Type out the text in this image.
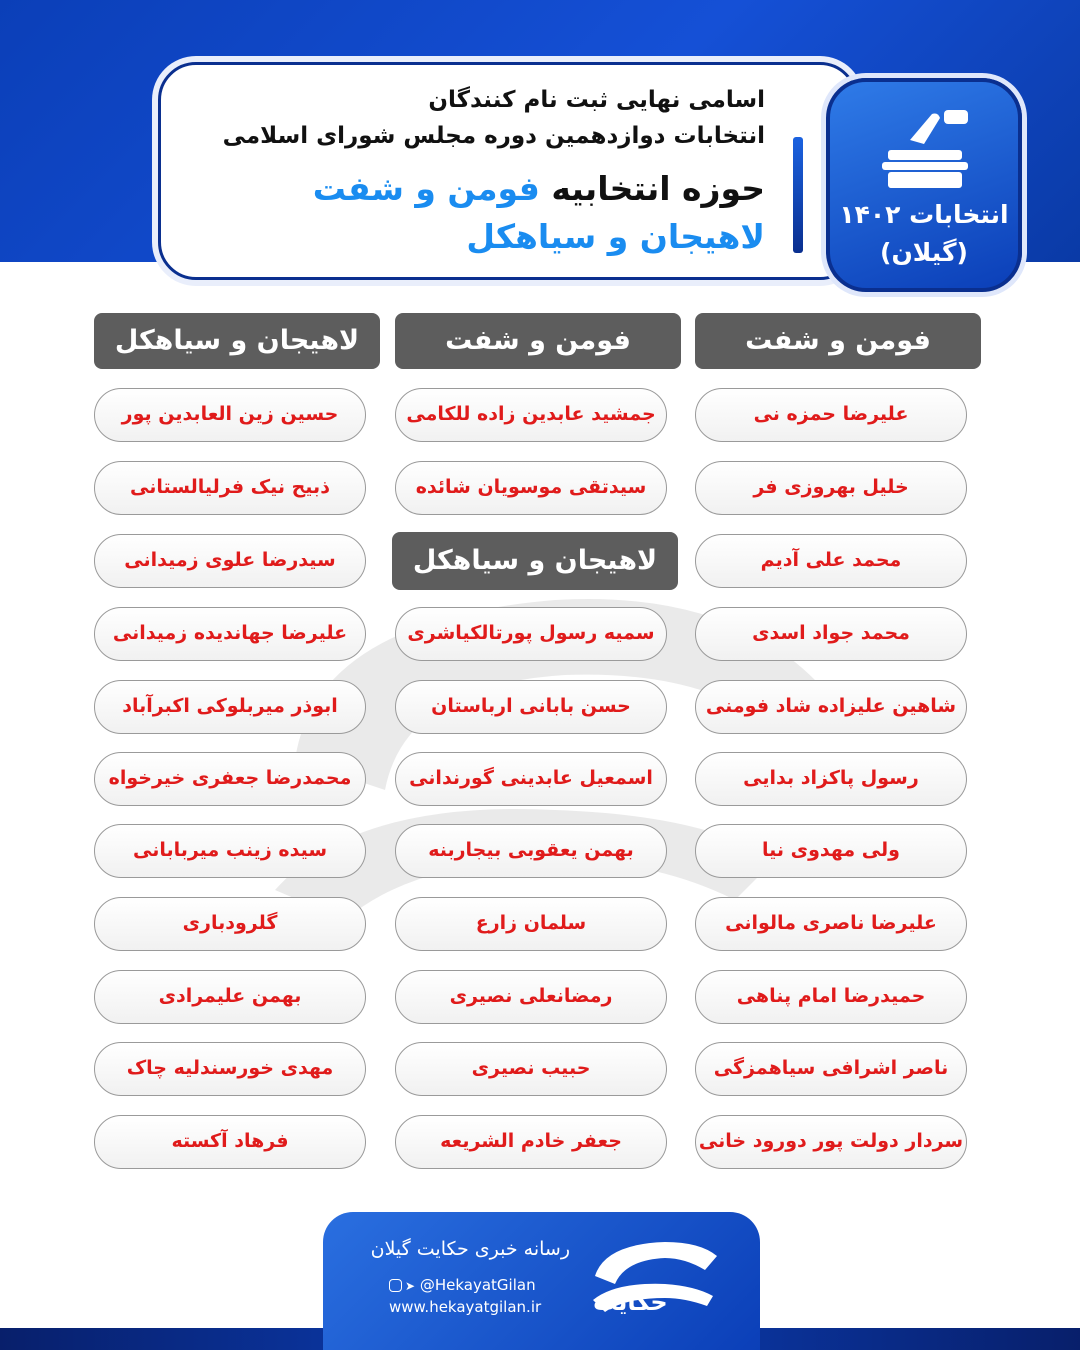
اسامی نهایی ثبت نام کنندگان
انتخابات دوازدهمین دوره مجلس شورای اسلامی
حوزه انتخابیه فومن و شفت
لاهیجان و سیاهکل
انتخابات ۱۴۰۲
(گیلان)
فومن و شفت
فومن و شفت
لاهیجان و سیاهکل
لاهیجان و سیاهکل
علیرضا حمزه نی
خلیل بهروزی فر
محمد علی آدیم
محمد جواد اسدی
شاهین علیزاده شاد فومنی
رسول پاکزاد بدایی
ولی مهدوی نیا
علیرضا ناصری مالوانی
حمیدرضا امام پناهی
ناصر اشرافی سیاهمزگی
سردار دولت پور دورود خانی
جمشید عابدین زاده للکامی
سیدتقی موسویان شائده
سمیه رسول پورتالکیاشری
حسن بابانی ارباستان
اسمعیل عابدینی گورندانی
بهمن یعقوبی بیجاربنه
سلمان زارع
رمضانعلی نصیری
حبیب نصیری
جعفر خادم الشریعه
حسین زین العابدین پور
ذبیح نیک فرلیالستانی
سیدرضا علوی زمیدانی
علیرضا جهاندیده زمیدانی
ابوذر میربلوکی اکبرآباد
محمدرضا جعفری خیرخواه
سیده زینب میربابانی
گلرودباری
بهمن علیمرادی
مهدی خورسندلیه چاک
فرهاد آکسته
رسانه خبری حکایت گیلان
➤ @HekayatGilan
www.hekayatgilan.ir حکایت
